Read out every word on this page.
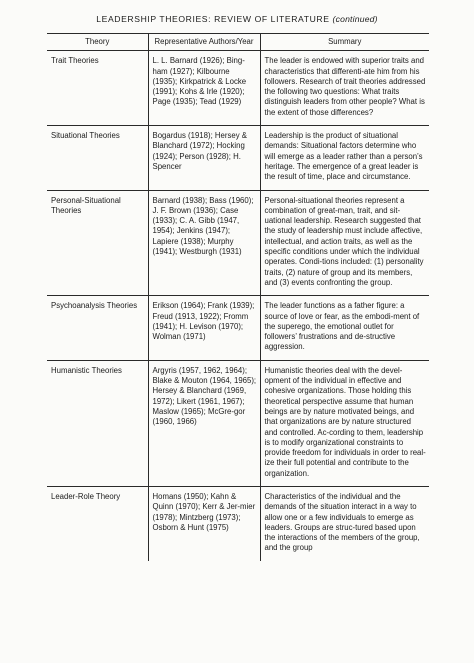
LEADERSHIP THEORIES: REVIEW OF LITERATURE (continued)
Theory	Representative Authors/Year	Summary
Trait Theories	L. L. Barnard (1926); Bing-ham (1927); Kilbourne (1935); Kirkpatrick & Locke (1991); Kohs & Irle (1920); Page (1935); Tead (1929)	The leader is endowed with superior traits and characteristics that differenti-ate him from his followers. Research of trait theories addressed the following two questions: What traits distinguish leaders from other people? What is the extent of those differences?
Situational Theories	Bogardus (1918); Hersey & Blanchard (1972); Hocking (1924); Person (1928); H. Spencer	Leadership is the product of situational demands: Situational factors determine who will emerge as a leader rather than a person’s heritage. The emergence of a great leader is the result of time, place and circumstance.
Personal-Situational Theories	Barnard (1938); Bass (1960); J. F. Brown (1936); Case (1933); C. A. Gibb (1947, 1954); Jenkins (1947); Lapiere (1938); Murphy (1941); Westburgh (1931)	Personal-situational theories represent a combination of great-man, trait, and sit-uational leadership. Research suggested that the study of leadership must include affective, intellectual, and action traits, as well as the specific conditions under which the individual operates. Condi-tions included: (1) personality traits, (2) nature of group and its members, and (3) events confronting the group.
Psychoanalysis Theories	Erikson (1964); Frank (1939); Freud (1913, 1922); Fromm (1941); H. Levison (1970); Wolman (1971)	The leader functions as a father figure: a source of love or fear, as the embodi-ment of the superego, the emotional outlet for followers’ frustrations and de-structive aggression.
Humanistic Theories	Argyris (1957, 1962, 1964); Blake & Mouton (1964, 1965); Hersey & Blanchard (1969, 1972); Likert (1961, 1967); Maslow (1965); McGre-gor (1960, 1966)	Humanistic theories deal with the devel-opment of the individual in effective and cohesive organizations. Those holding this theoretical perspective assume that human beings are by nature motivated beings, and that organizations are by nature structured and controlled. Ac-cording to them, leadership is to modify organizational constraints to provide freedom for individuals in order to real-ize their full potential and contribute to the organization.
Leader-Role Theory	Homans (1950); Kahn & Quinn (1970); Kerr & Jer-mier (1978); Mintzberg (1973); Osborn & Hunt (1975)	Characteristics of the individual and the demands of the situation interact in a way to allow one or a few individuals to emerge as leaders. Groups are struc-tured based upon the interactions of the members of the group, and the group
